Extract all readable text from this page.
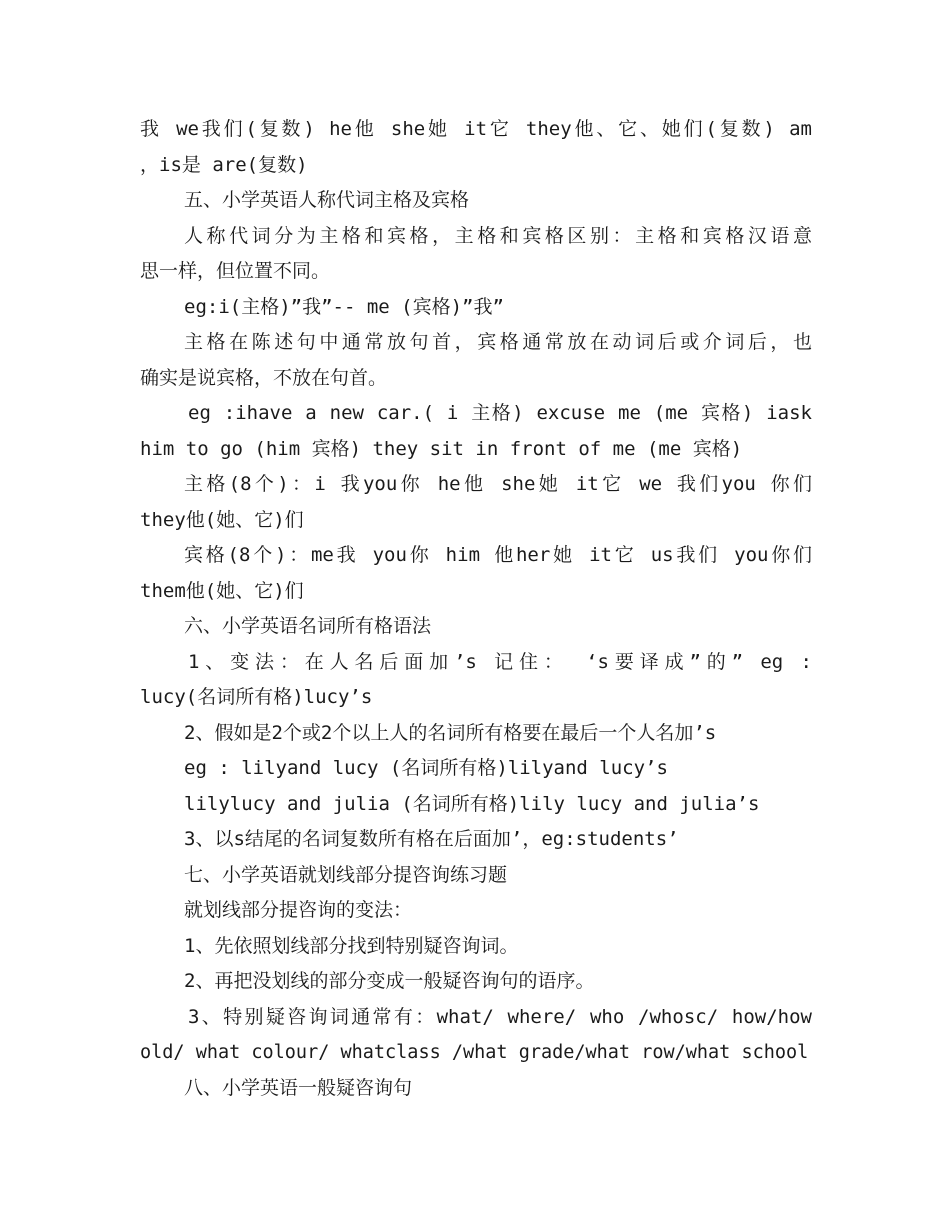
我 we我们(复数) he他 she她 it它 they他、它、她们(复数) am
，is是 are(复数)
五、小学英语人称代词主格及宾格
人称代词分为主格和宾格，主格和宾格区别：主格和宾格汉语意
思一样，但位置不同。
eg:i(主格)”我”-- me (宾格)”我”
主格在陈述句中通常放句首，宾格通常放在动词后或介词后，也
确实是说宾格，不放在句首。
eg :ihave a new car.( i 主格) excuse me (me 宾格) iask
him to go (him 宾格) they sit in front of me (me 宾格)
主格(8个)：i 我you你 he他 she她 it它 we 我们you 你们
they他(她、它)们
宾格(8个)：me我 you你 him 他her她 it它 us我们 you你们
them他(她、它)们
六、小学英语名词所有格语法
1、变法：在人名后面加’s 记住： ‘s要译成”的” eg :
lucy(名词所有格)lucy’s
2、假如是2个或2个以上人的名词所有格要在最后一个人名加’s
eg : lilyand lucy (名词所有格)lilyand lucy’s
lilylucy and julia (名词所有格)lily lucy and julia’s
3、以s结尾的名词复数所有格在后面加’，eg:students’
七、小学英语就划线部分提咨询练习题
就划线部分提咨询的变法：
1、先依照划线部分找到特别疑咨询词。
2、再把没划线的部分变成一般疑咨询句的语序。
3、特别疑咨询词通常有：what/ where/ who /whosc/ how/how
old/ what colour/ whatclass /what grade/what row/what school
八、小学英语一般疑咨询句
